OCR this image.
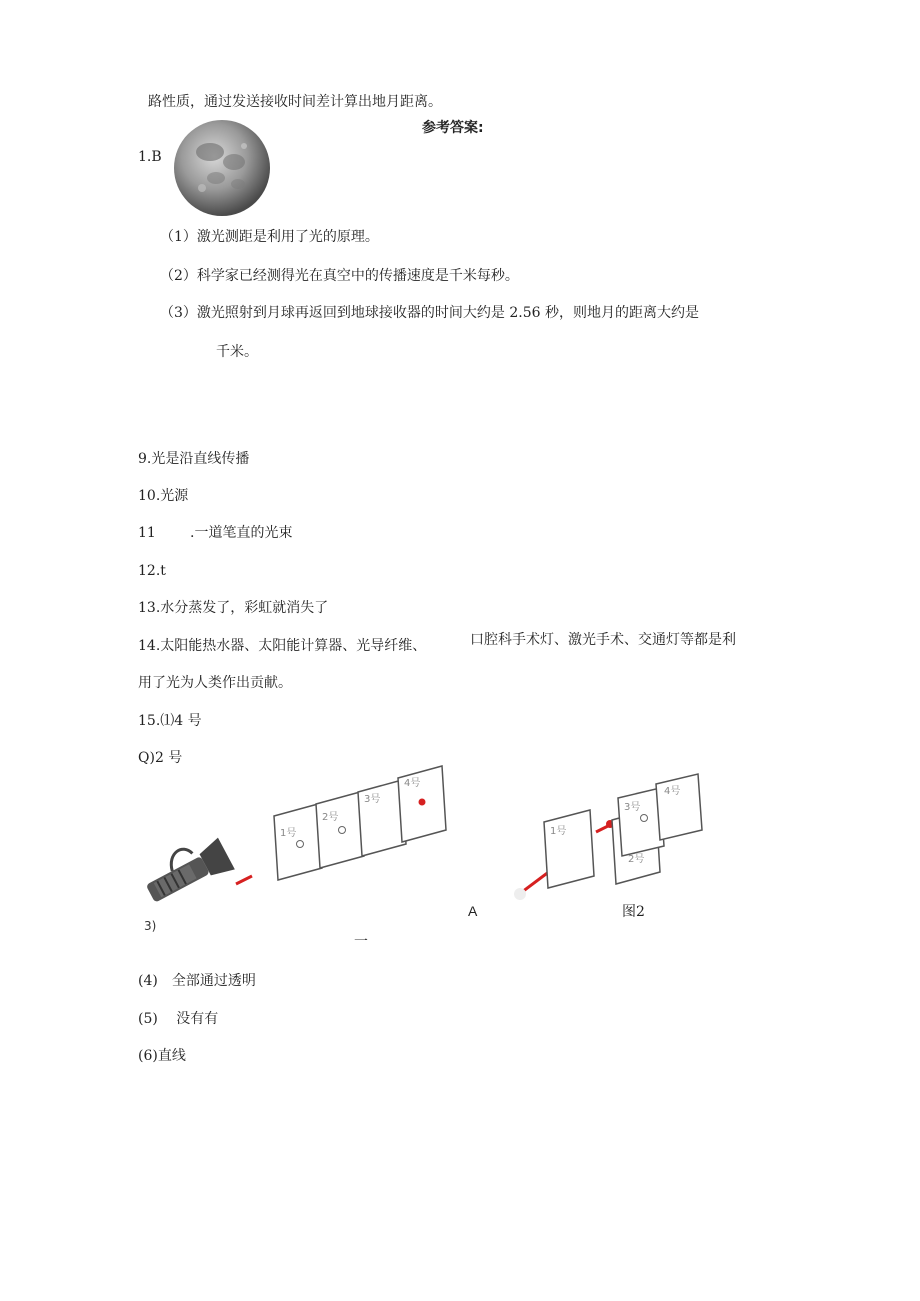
路性质，通过发送接收时间差计算出地月距离。
参考答案:
1.B
（1）激光测距是利用了光的原理。
（2）科学家已经测得光在真空中的传播速度是千米每秒。
（3）激光照射到月球再返回到地球接收器的时间大约是 2.56 秒，则地月的距离大约是
千米。
9.光是沿直线传播
10.光源
11 .一道笔直的光束
12.t
13.水分蒸发了，彩虹就消失了
14.太阳能热水器、太阳能计算器、光导纤维、	口腔科手术灯、激光手术、交通灯等都是利
用了光为人类作出贡献。
15.⑴4 号
Q)2 号
1号
2号
3号
4号
3)
一
1号
2号
3号
4号
A	图2
(4)　全部通过透明
(5)　 没有有
(6)直线
